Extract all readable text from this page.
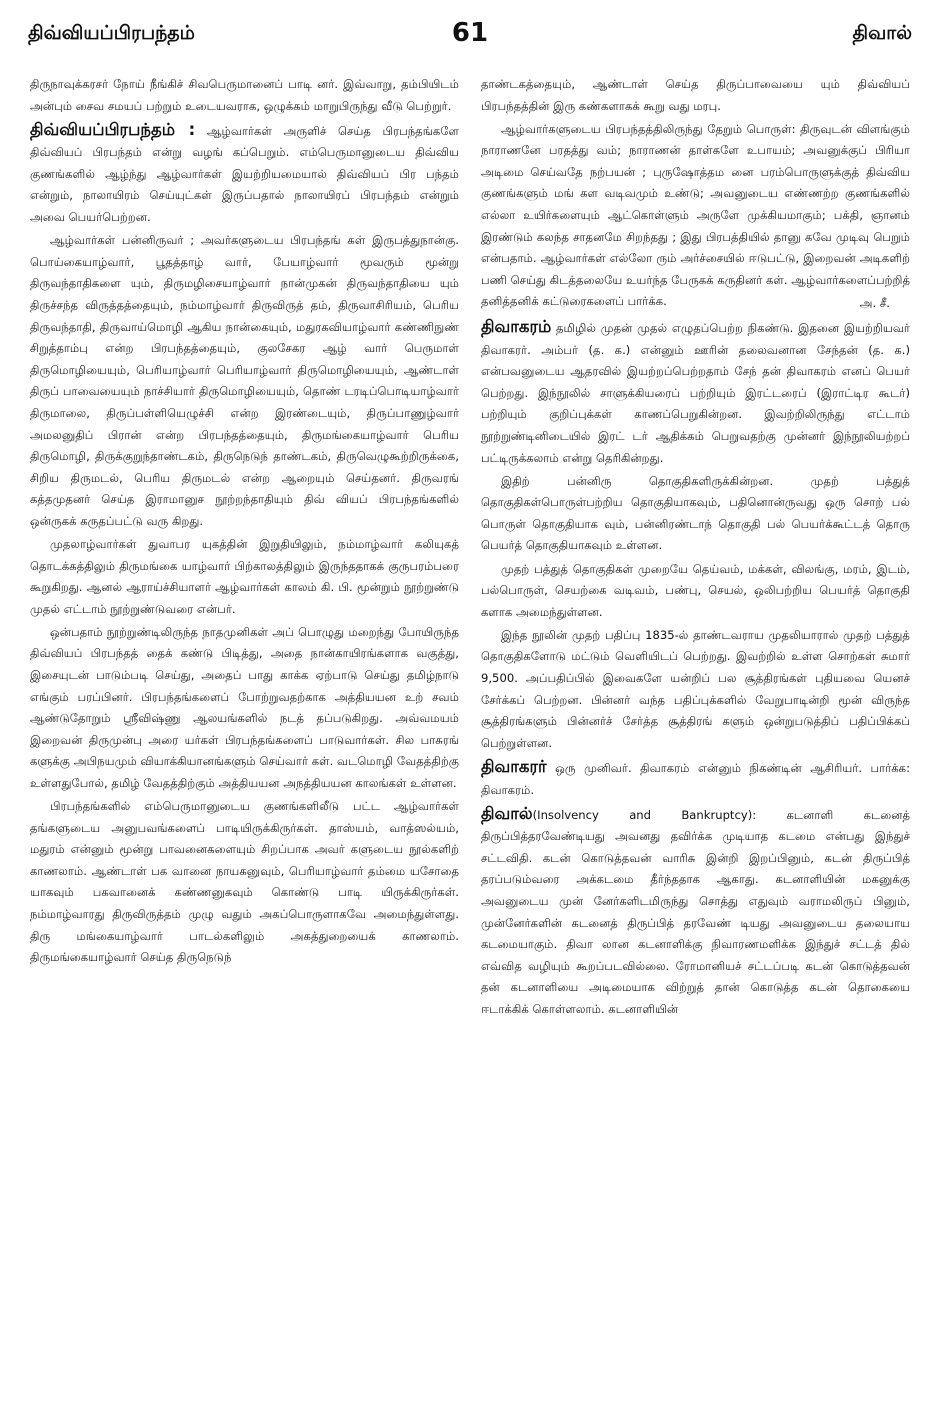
திவ்வியப்பிரபந்தம்	61	திவால்

திருநாவுக்கரசர் நோய் நீங்கிச் சிவபெருமானைப் பாடி னர். இவ்வாறு, தம்பியிடம் அன்பும் சைவ சமயப் பற்றும் உடையவராக, ஒழுக்கம் மாறுபிருந்து வீடு பெற்றுர்.

திவ்வியப்பிரபந்தம் : ஆழ்வார்கள் அருளிச் செய்த பிரபந்தங்களே திவ்வியப் பிரபந்தம் என்று வழங் கப்பெறும். எம்பெருமானுடைய திவ்விய குணங்களில் ஆழ்ந்து ஆழ்வார்கள் இயற்றியமையால் திவ்வியப் பிர பந்தம் என்றும், நாலாயிரம் செய்யுட்கள் இருப்பதால் நாலாயிரப் பிரபந்தம் என்றும் அவை பெயர்பெற்றன.

ஆழ்வார்கள் பன்னிருவர் ; அவர்களுடைய பிரபந்தங் கள் இருபத்துநான்கு. பொய்கையாழ்வார், பூதத்தாழ் வார், பேயாழ்வார் மூவரும் மூன்று திருவந்தாதிகளை யும், திருமழிசையாழ்வார் நான்முகன் திருவந்தாதியை யும் திருச்சந்த விருத்தத்தையும், நம்மாழ்வார் திருவிருத் தம், திருவாசிரியம், பெரிய திருவந்தாதி, திருவாய்மொழி ஆகிய நான்கையும், மதுரகவியாழ்வார் கண்ணிநுண் சிறுத்தாம்பு என்ற பிரபந்தத்தையும், குலசேகர ஆழ் வார் பெருமாள் திருமொழியையும், பெரியாழ்வார் பெரியாழ்வார் திருமொழியையும், ஆண்டாள் திருப் பாவையையும் நாச்சியார் திருமொழியையும், தொண் டரடிப்பொடியாழ்வார் திருமாலை, திருப்பள்ளியெழுச்சி என்ற இரண்டையும், திருப்பாணுழ்வார் அமலனுதிப் பிரான் என்ற பிரபந்தத்தையும், திருமங்கையாழ்வார் பெரிய திருமொழி, திருக்குறுந்தாண்டகம், திருநெடுந் தாண்டகம், திருவெழுகூற்றிருக்கை, சிறிய திருமடல், பெரிய திருமடல் என்ற ஆறையும் செய்தனர். திருவரங் கத்தமுதனர் செய்த இராமானுச நூற்றந்தாதியும் திவ் வியப் பிரபந்தங்களில் ஒன்ருகக் கருதப்பட்டு வரு கிறது.

முதலாழ்வார்கள் துவாபர யுகத்தின் இறுதியிலும், நம்மாழ்வார் கலியுகத் தொடக்கத்திலும் திருமங்கை யாழ்வார் பிற்காலத்திலும் இருந்ததாகக் குருபரம்பரை கூறுகிறது. ஆனல் ஆராய்ச்சியாளர் ஆழ்வார்கள் காலம் கி. பி. மூன்றும் நூற்றுண்டு முதல் எட்டாம் நூற்றுண்டுவரை என்பர்.

ஒன்பதாம் நூற்றுண்டிலிருந்த நாதமுனிகள் அப் பொழுது மறைந்து போயிருந்த திவ்வியப் பிரபந்தத் தைக் கண்டு பிடித்து, அதை நான்காயிரங்களாக வகுத்து, இசையுடன் பாடும்படி செய்து, அதைப் பாது காக்க ஏற்பாடு செய்து தமிழ்நாடு எங்கும் பரப்பினர். பிரபந்தங்களைப் போற்றுவதற்காக அத்தியயன உற் சவம் ஆண்டுதோறும் ஸ்ரீவிஷ்ணு ஆலயங்களில் நடத் தப்படுகிறது. அவ்வமயம் இறைவன் திருமுன்பு அரை யர்கள் பிரபந்தங்களைப் பாடுவார்கள். சில பாசுரங் களுக்கு அபிநயமும் வியாக்கியானங்களும் செய்வார் கள். வடமொழி வேதத்திற்கு உள்ளதுபோல், தமிழ் வேதத்திற்கும் அத்தியயன அநத்தியயன காலங்கள் உள்ளன.

பிரபந்தங்களில் எம்பெருமானுடைய குணங்களிலீடு பட்ட ஆழ்வார்கள் தங்களுடைய அனுபவங்களைப் பாடியிருக்கிருர்கள். தாஸ்யம், வாத்ஸல்யம், மதுரம் என்னும் மூன்று பாவனைகளையும் சிறப்பாக அவர் களுடைய நூல்களிற் காணலாம். ஆண்டாள் பக வானை நாயகனுவும், பெரியாழ்வார் தம்மை யசோதை யாகவும் பகவானைக் கண்ணனுகவும் கொண்டு பாடி யிருக்கிருர்கள். நம்மாழ்வாரது திருவிருத்தம் முழு வதும் அகப்பொருளாகவே அமைந்துள்ளது. திரு மங்கையாழ்வார் பாடல்களிலும் அகத்துறையைக் காணலாம். திருமங்கையாழ்வார் செய்த திருநெடுந்

தாண்டகத்தையும், ஆண்டாள் செய்த திருப்பாவையை யும் திவ்வியப் பிரபந்தத்தின் இரு கண்களாகக் கூறு வது மரபு.

ஆழ்வார்களுடைய பிரபந்தத்திலிருந்து தேறும் பொருள்: திருவுடன் விளங்கும் நாராணனே பரதத்து வம்; நாராணன் தாள்களே உபாயம்; அவனுக்குப் பிரியா அடிமை செய்வதே நற்பயன் ; புருஷோத்தம னை பரம்பொருளுக்குத் திவ்விய குணங்களும் மங் கள வடிவமும் உண்டு; அவனுடைய எண்ணற்ற குணங்களில் எல்லா உயிர்களையும் ஆட்கொள்ளும் அருளே முக்கியமாகும்; பக்தி, ஞானம் இரண்டும் கலந்த சாதனமே சிறந்தது ; இது பிரபத்தியில் தானு கவே முடிவு பெறும் என்பதாம். ஆழ்வார்கள் எல்லோ ரும் அர்ச்சையில் ஈடுபட்டு, இறைவன் அடிகளிற் பணி செய்து கிடத்தலையே உயர்ந்த பேருகக் கருதினர் கள். ஆழ்வார்களைப்பற்றித் தனித்தனிக் கட்டுரைகளைப் பார்க்க.	அ. சீ.

திவாகரம் தமிழில் முதன் முதல் எழுதப்பெற்ற நிகண்டு. இதனை இயற்றியவர் திவாகரர். அம்பர் (த. க.) என்னும் ஊரின் தலைவனான சேந்தன் (த. க.) என்பவனுடைய ஆதரவில் இயற்றப்பெற்றதாம் சேந் தன் திவாகரம் எனப் பெயர் பெற்றது. இந்நூலில் சாளுக்கியரைப் பற்றியும் இரட்டரைப் (இராட்டிர கூடர்) பற்றியும் குறிப்புக்கள் காணப்பெறுகின்றன. இவற்றிலிருந்து எட்டாம் நூற்றுண்டினிடையில் இரட் டர் ஆதிக்கம் பெறுவதற்கு முன்னர் இந்நூலியற்றப் பட்டிருக்கலாம் என்று தெரிகின்றது.

இதிற் பன்னிரு தொகுதிகளிருக்கின்றன. முதற் பத்துத் தொகுதிகள்பொருள்பற்றிய தொகுதியாகவும், பதினொன்ருவது ஒரு சொற் பல் பொருள் தொகுதியாக வும், பன்னிரண்டாந் தொகுதி பல் பெயர்க்கூட்டத் தொரு பெயர்த் தொகுதியாகவும் உள்ளன.

முதற் பத்துத் தொகுதிகள் முறையே தெய்வம், மக்கள், விலங்கு, மரம், இடம், பல்பொருள், செயற்கை வடிவம், பண்பு, செயல், ஒலிபற்றிய பெயர்த் தொகுதி களாக அமைந்துள்ளன.

இந்த நூலின் முதற் பதிப்பு 1835-ல் தாண்டவராய முதலியாரால் முதற் பத்துத் தொகுதிகளோடு மட்டும் வெளியிடப் பெற்றது. இவற்றில் உள்ள சொற்கள் சுமார் 9,500. அப்பதிப்பில் இவைகளே யன்றிப் பல சூத்திரங்கள் புதியவை யெனச் சேர்க்கப் பெற்றன. பின்னர் வந்த பதிப்புக்களில் வேறுபாடின்றி மூன் விருந்த சூத்திரங்களும் பின்னர்ச் சேர்த்த சூத்திரங் களும் ஒன்றுபடுத்திப் பதிப்பிக்கப் பெற்றுள்ளன.

திவாகரர் ஒரு முனிவர். திவாகரம் என்னும் நிகண்டின் ஆசிரியர். பார்க்க: திவாகரம்.

திவால்(Insolvency and Bankruptcy):	கடனாளி கடனைத் திருப்பித்தரவேண்டியது அவனது தவிர்க்க முடியாத கடமை என்பது இந்துச் சட்டவிதி. கடன் கொடுத்தவன் வாரிசு இன்றி இறப்பினும், கடன் திருப்பித் தரப்படும்வரை அக்கடமை தீர்ந்ததாக ஆகாது. கடனாளியின் மகனுக்கு அவனுடைய முன் னேர்களிடமிருந்து சொத்து எதுவும் வராமலிருப் பினும், முன்னேர்களின் கடனைத் திருப்பித் தரவேண் டியது அவனுடைய தலையாய கடமையாகும். திவா லான கடனாளிக்கு நிவாரணமளிக்க இந்துச் சட்டத் தில் எவ்வித வழியும் கூறப்படவில்லை. ரோமானியச் சட்டப்படி கடன் கொடுத்தவன் தன் கடனாளியை அடிமையாக விற்றுத் தான் கொடுத்த கடன் தொகையை ஈடாக்கிக் கொள்ளலாம். கடனாளியின்
